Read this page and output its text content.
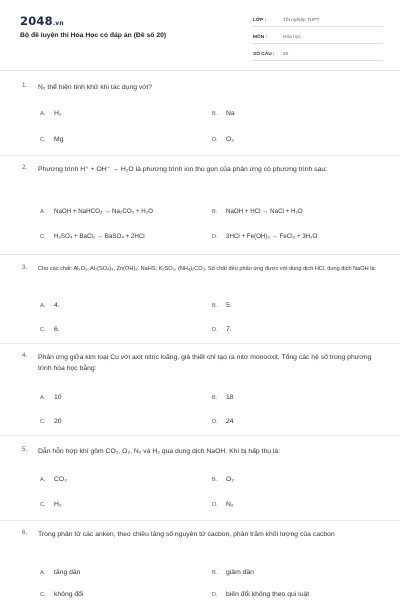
2048.vn
Bộ đề luyện thi Hóa Học có đáp án (Đề số 20)
LỚP :	Tốt nghiệp THPT
MÔN :	Hóa học
SỐ CÂU :	40
1. N₂ thể hiện tính khử khi tác dụng với?
A. H₂	B. Na
C. Mg	D. O₂
2. Phương trình H⁺ + OH⁻ → H₂O là phương trình ion thu gọn của phản ứng có phương trình sau:
A. NaOH + NaHCO₃ → Na₂CO₃ + H₂O	B. NaOH + HCl → NaCl + H₂O
C. H₂SO₄ + BaCl₂ → BaSO₄ + 2HCl	D. 3HCl + Fe(OH)₃ → FeCl₃ + 3H₂O
3. Cho các chất: Al₂O₃, Al₂(SO₄)₃, Zn(OH)₂, NaHS, K₂SO₃, (NH₄)₂CO₃. Số chất đều phản ứng được với dung dịch HCl, dung dịch NaOH là:
A. 4.	B. 5.
C. 6.	D. 7.
4. Phản ứng giữa kim loại Cu với axit nitric loãng, giả thiết chỉ tạo ra nitơ monooxit. Tổng các hệ số trong phương trình hóa học bằng:
A. 10	B. 18
C. 20	D. 24
5. Dẫn hỗn hợp khí gồm CO₂, O₂, N₂ và H₂ qua dung dịch NaOH. Khí bị hấp thụ là:
A. CO₂	B. O₂
C. H₂	D. N₂
6. Trong phân tử các anken, theo chiều tăng số nguyên tử cacbon, phần trăm khối lượng của cacbon
A. tăng dần	B. giảm dần
C. không đổi	D. biến đổi không theo qui luật
